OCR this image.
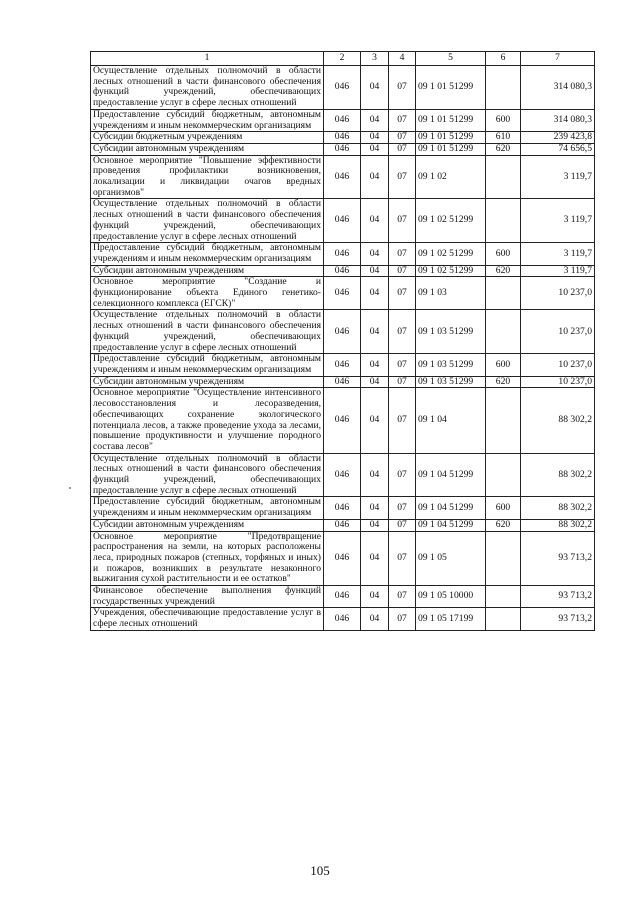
1	2	3	4	5	6	7
Осуществление отдельных полномочий в области лесных отношений в части финансового обеспечения функций учреждений, обеспечивающих предоставление услуг в сфере лесных отношений	046	04	07	09 1 01 51299		314 080,3
Предоставление субсидий бюджетным, автономным учреждениям и иным некоммерческим организациям	046	04	07	09 1 01 51299	600	314 080,3
Субсидии бюджетным учреждениям	046	04	07	09 1 01 51299	610	239 423,8
Субсидии автономным учреждениям	046	04	07	09 1 01 51299	620	74 656,5
Основное мероприятие "Повышение эффективности проведения профилактики возникновения, локализации и ликвидации очагов вредных организмов"	046	04	07	09 1 02		3 119,7
Осуществление отдельных полномочий в области лесных отношений в части финансового обеспечения функций учреждений, обеспечивающих предоставление услуг в сфере лесных отношений	046	04	07	09 1 02 51299		3 119,7
Предоставление субсидий бюджетным, автономным учреждениям и иным некоммерческим организациям	046	04	07	09 1 02 51299	600	3 119,7
Субсидии автономным учреждениям	046	04	07	09 1 02 51299	620	3 119,7
Основное мероприятие "Создание и функционирование объекта Единого генетико-селекционного комплекса (ЕГСК)"	046	04	07	09 1 03		10 237,0
Осуществление отдельных полномочий в области лесных отношений в части финансового обеспечения функций учреждений, обеспечивающих предоставление услуг в сфере лесных отношений	046	04	07	09 1 03 51299		10 237,0
Предоставление субсидий бюджетным, автономным учреждениям и иным некоммерческим организациям	046	04	07	09 1 03 51299	600	10 237,0
Субсидии автономным учреждениям	046	04	07	09 1 03 51299	620	10 237,0
Основное мероприятие "Осуществление интенсивного лесовосстановления и лесоразведения, обеспечивающих сохранение экологического потенциала лесов, а также проведение ухода за лесами, повышение продуктивности и улучшение породного состава лесов"	046	04	07	09 1 04		88 302,2
Осуществление отдельных полномочий в области лесных отношений в части финансового обеспечения функций учреждений, обеспечивающих предоставление услуг в сфере лесных отношений	046	04	07	09 1 04 51299		88 302,2
Предоставление субсидий бюджетным, автономным учреждениям и иным некоммерческим организациям	046	04	07	09 1 04 51299	600	88 302,2
Субсидии автономным учреждениям	046	04	07	09 1 04 51299	620	88 302,2
Основное мероприятие "Предотвращение распространения на земли, на которых расположены леса, природных пожаров (степных, торфяных и иных) и пожаров, возникших в результате незаконного выжигания сухой растительности и ее остатков"	046	04	07	09 1 05		93 713,2
Финансовое обеспечение выполнения функций государственных учреждений	046	04	07	09 1 05 10000		93 713,2
Учреждения, обеспечивающие предоставление услуг в сфере лесных отношений	046	04	07	09 1 05 17199		93 713,2
105
